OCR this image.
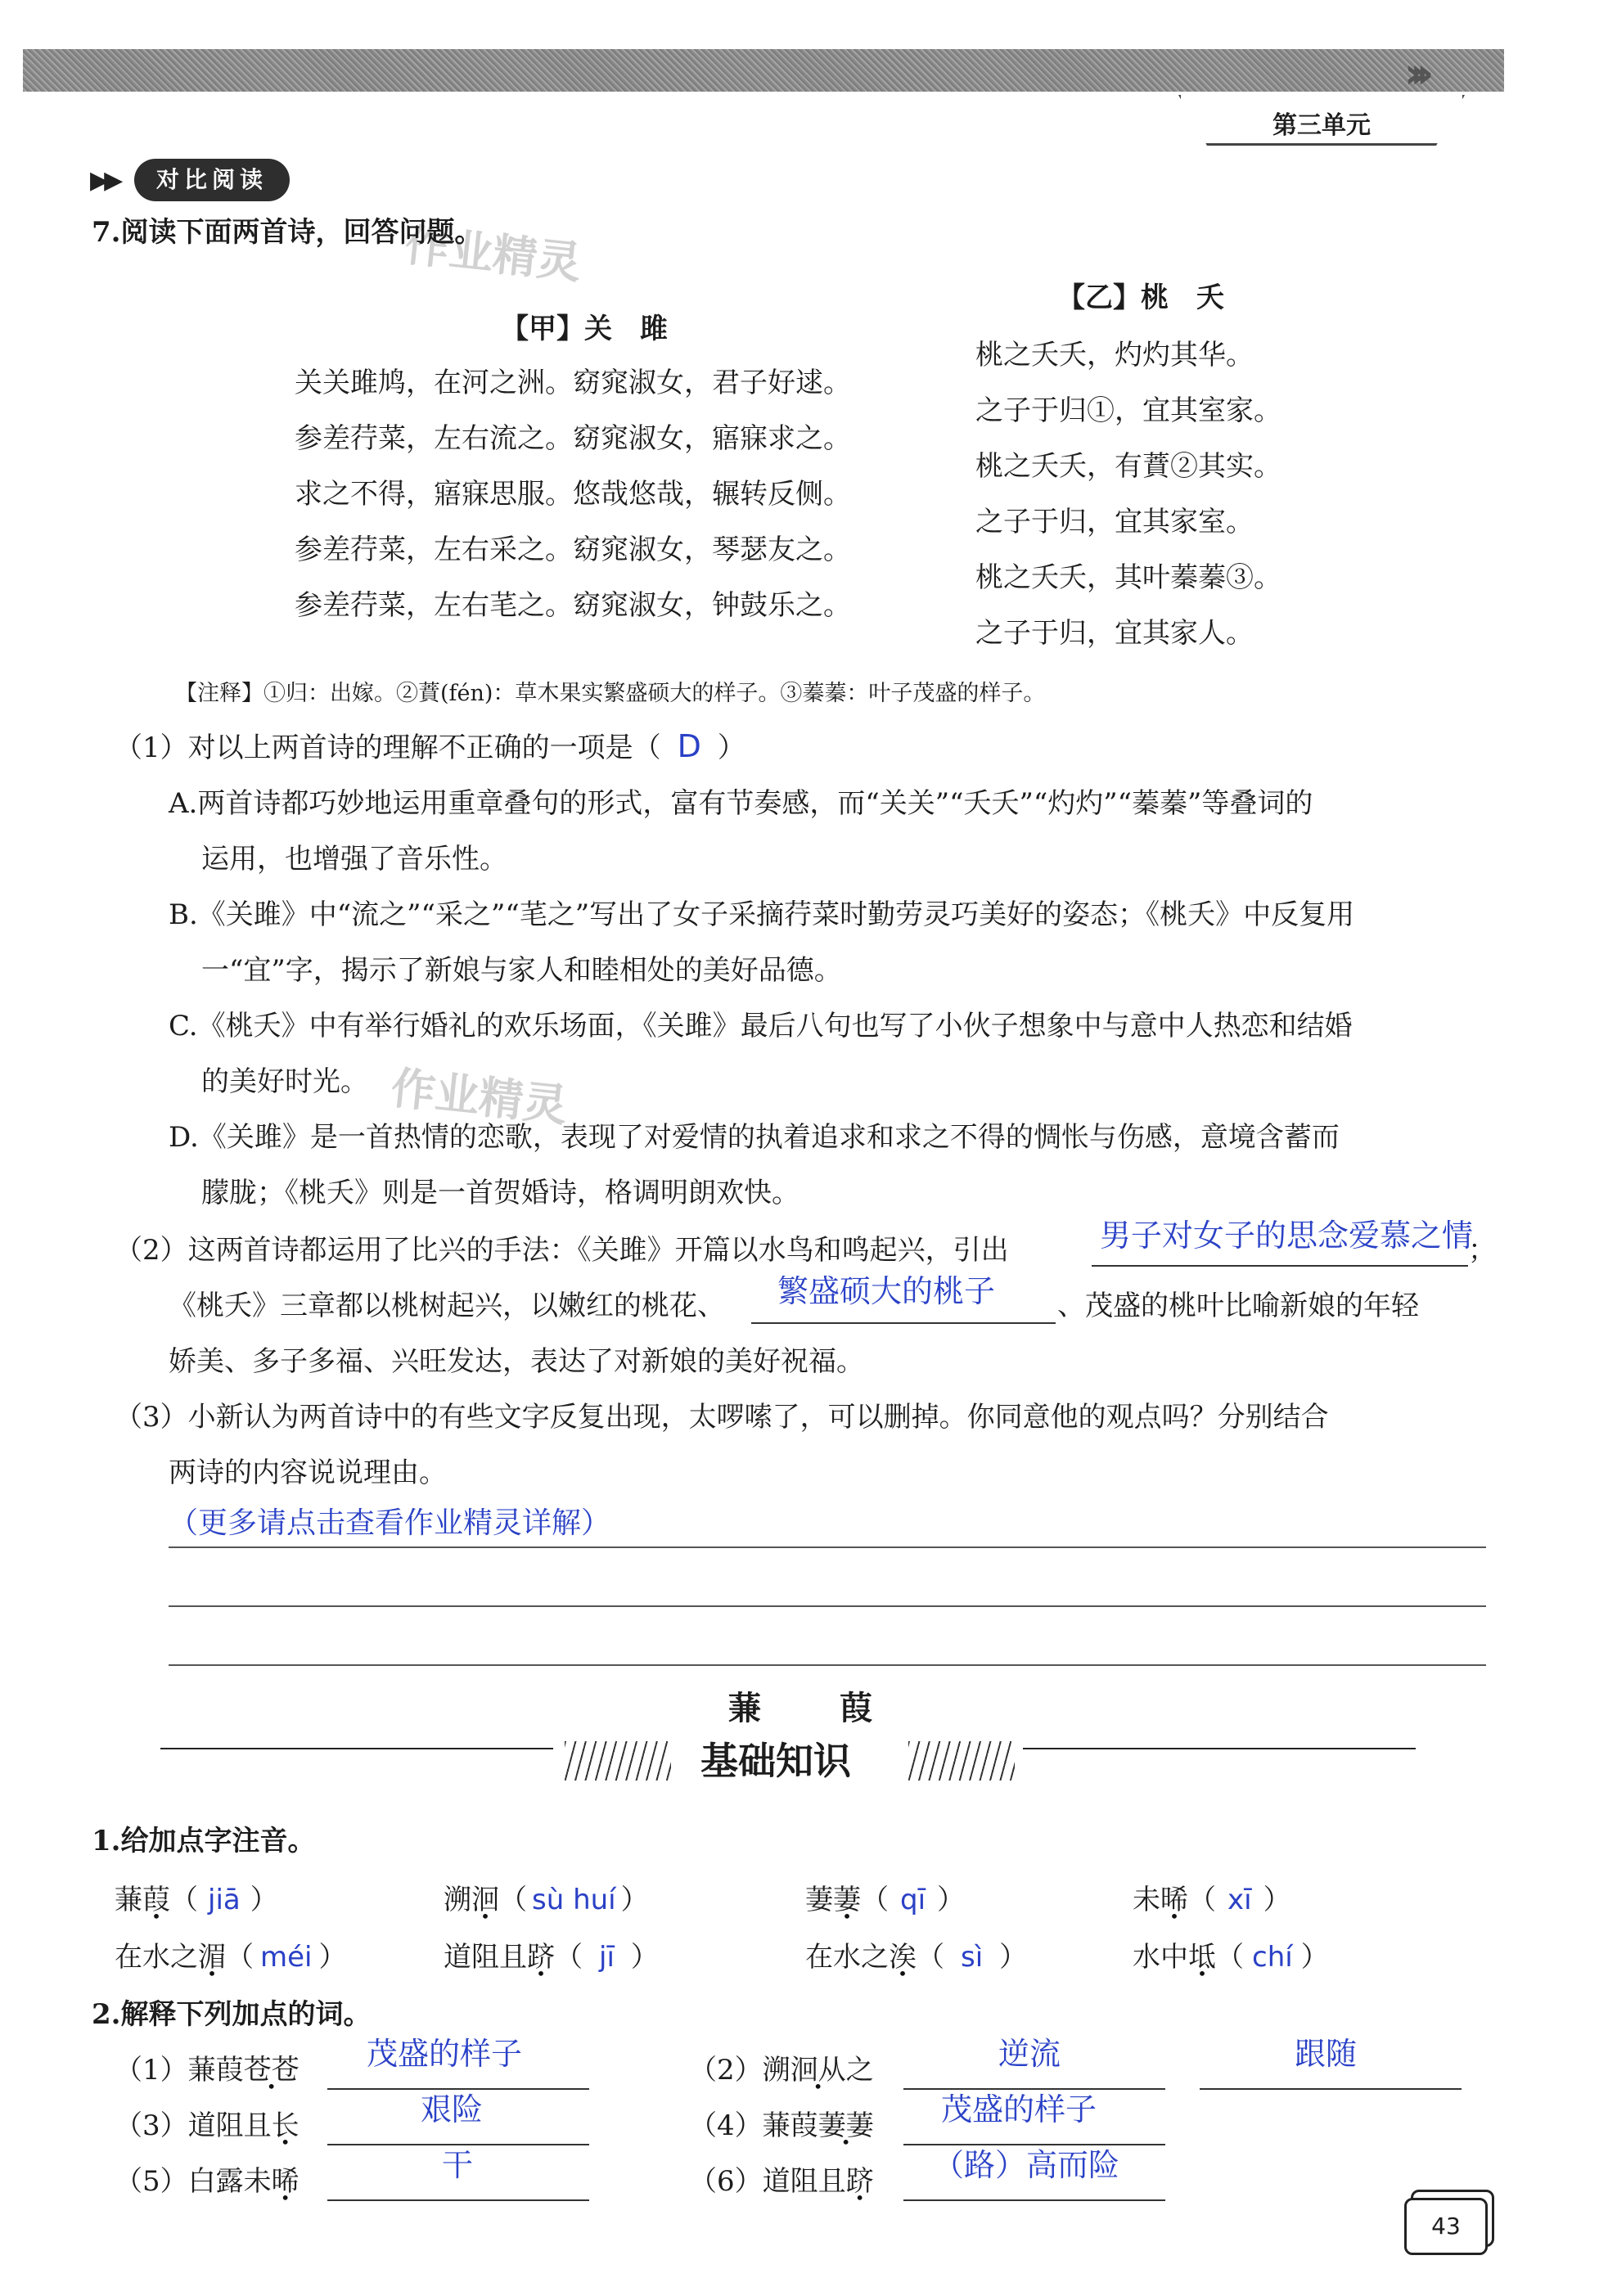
›››
第三单元
▶▶	对比阅读
作业精灵
作业精灵
7.阅读下面两首诗，回答问题。
【甲】关　雎
关关雎鸠，在河之洲。窈窕淑女，君子好逑。
参差荇菜，左右流之。窈窕淑女，寤寐求之。
求之不得，寤寐思服。悠哉悠哉，辗转反侧。
参差荇菜，左右采之。窈窕淑女，琴瑟友之。
参差荇菜，左右芼之。窈窕淑女，钟鼓乐之。
【乙】桃　夭
桃之夭夭，灼灼其华。
之子于归①，宜其室家。
桃之夭夭，有蕡②其实。
之子于归，宜其家室。
桃之夭夭，其叶蓁蓁③。
之子于归，宜其家人。
【注释】①归：出嫁。②蕡(fén)：草木果实繁盛硕大的样子。③蓁蓁：叶子茂盛的样子。
（1）对以上两首诗的理解不正确的一项是（ D ）
A.两首诗都巧妙地运用重章叠句的形式，富有节奏感，而“关关”“夭夭”“灼灼”“蓁蓁”等叠词的
运用，也增强了音乐性。
B.《关雎》中“流之”“采之”“芼之”写出了女子采摘荇菜时勤劳灵巧美好的姿态；《桃夭》中反复用
一“宜”字，揭示了新娘与家人和睦相处的美好品德。
C.《桃夭》中有举行婚礼的欢乐场面，《关雎》最后八句也写了小伙子想象中与意中人热恋和结婚
的美好时光。
D.《关雎》是一首热情的恋歌，表现了对爱情的执着追求和求之不得的惆怅与伤感，意境含蓄而
朦胧；《桃夭》则是一首贺婚诗，格调明朗欢快。
（2）这两首诗都运用了比兴的手法：《关雎》开篇以水鸟和鸣起兴，引出	男子对女子的思念爱慕之情
；
《桃夭》三章都以桃树起兴，以嫩红的桃花、 繁盛硕大的桃子 、茂盛的桃叶比喻新娘的年轻
娇美、多子多福、兴旺发达，表达了对新娘的美好祝福。
（3）小新认为两首诗中的有些文字反复出现，太啰嗦了，可以删掉。你同意他的观点吗？分别结合
两诗的内容说说理由。
（更多请点击查看作业精灵详解）
蒹　葭
基础知识
1.给加点字注音。
蒹葭（ jiā ）	溯洄（ sù huí ）	萋萋（ qī ）	未晞（ xī ）
在水之湄（ méi ）	道阻且跻（ jī ）	在水之涘（ sì ）	水中坻（ chí ）
2.解释下列加点的词。
（1）蒹葭苍苍 茂盛的样子	（2）溯洄从之	逆流	跟随
（3）道阻且长	艰险	（4）蒹葭萋萋 茂盛的样子
（5）白露未晞	干	（6）道阻且跻 （路）高而险
43
